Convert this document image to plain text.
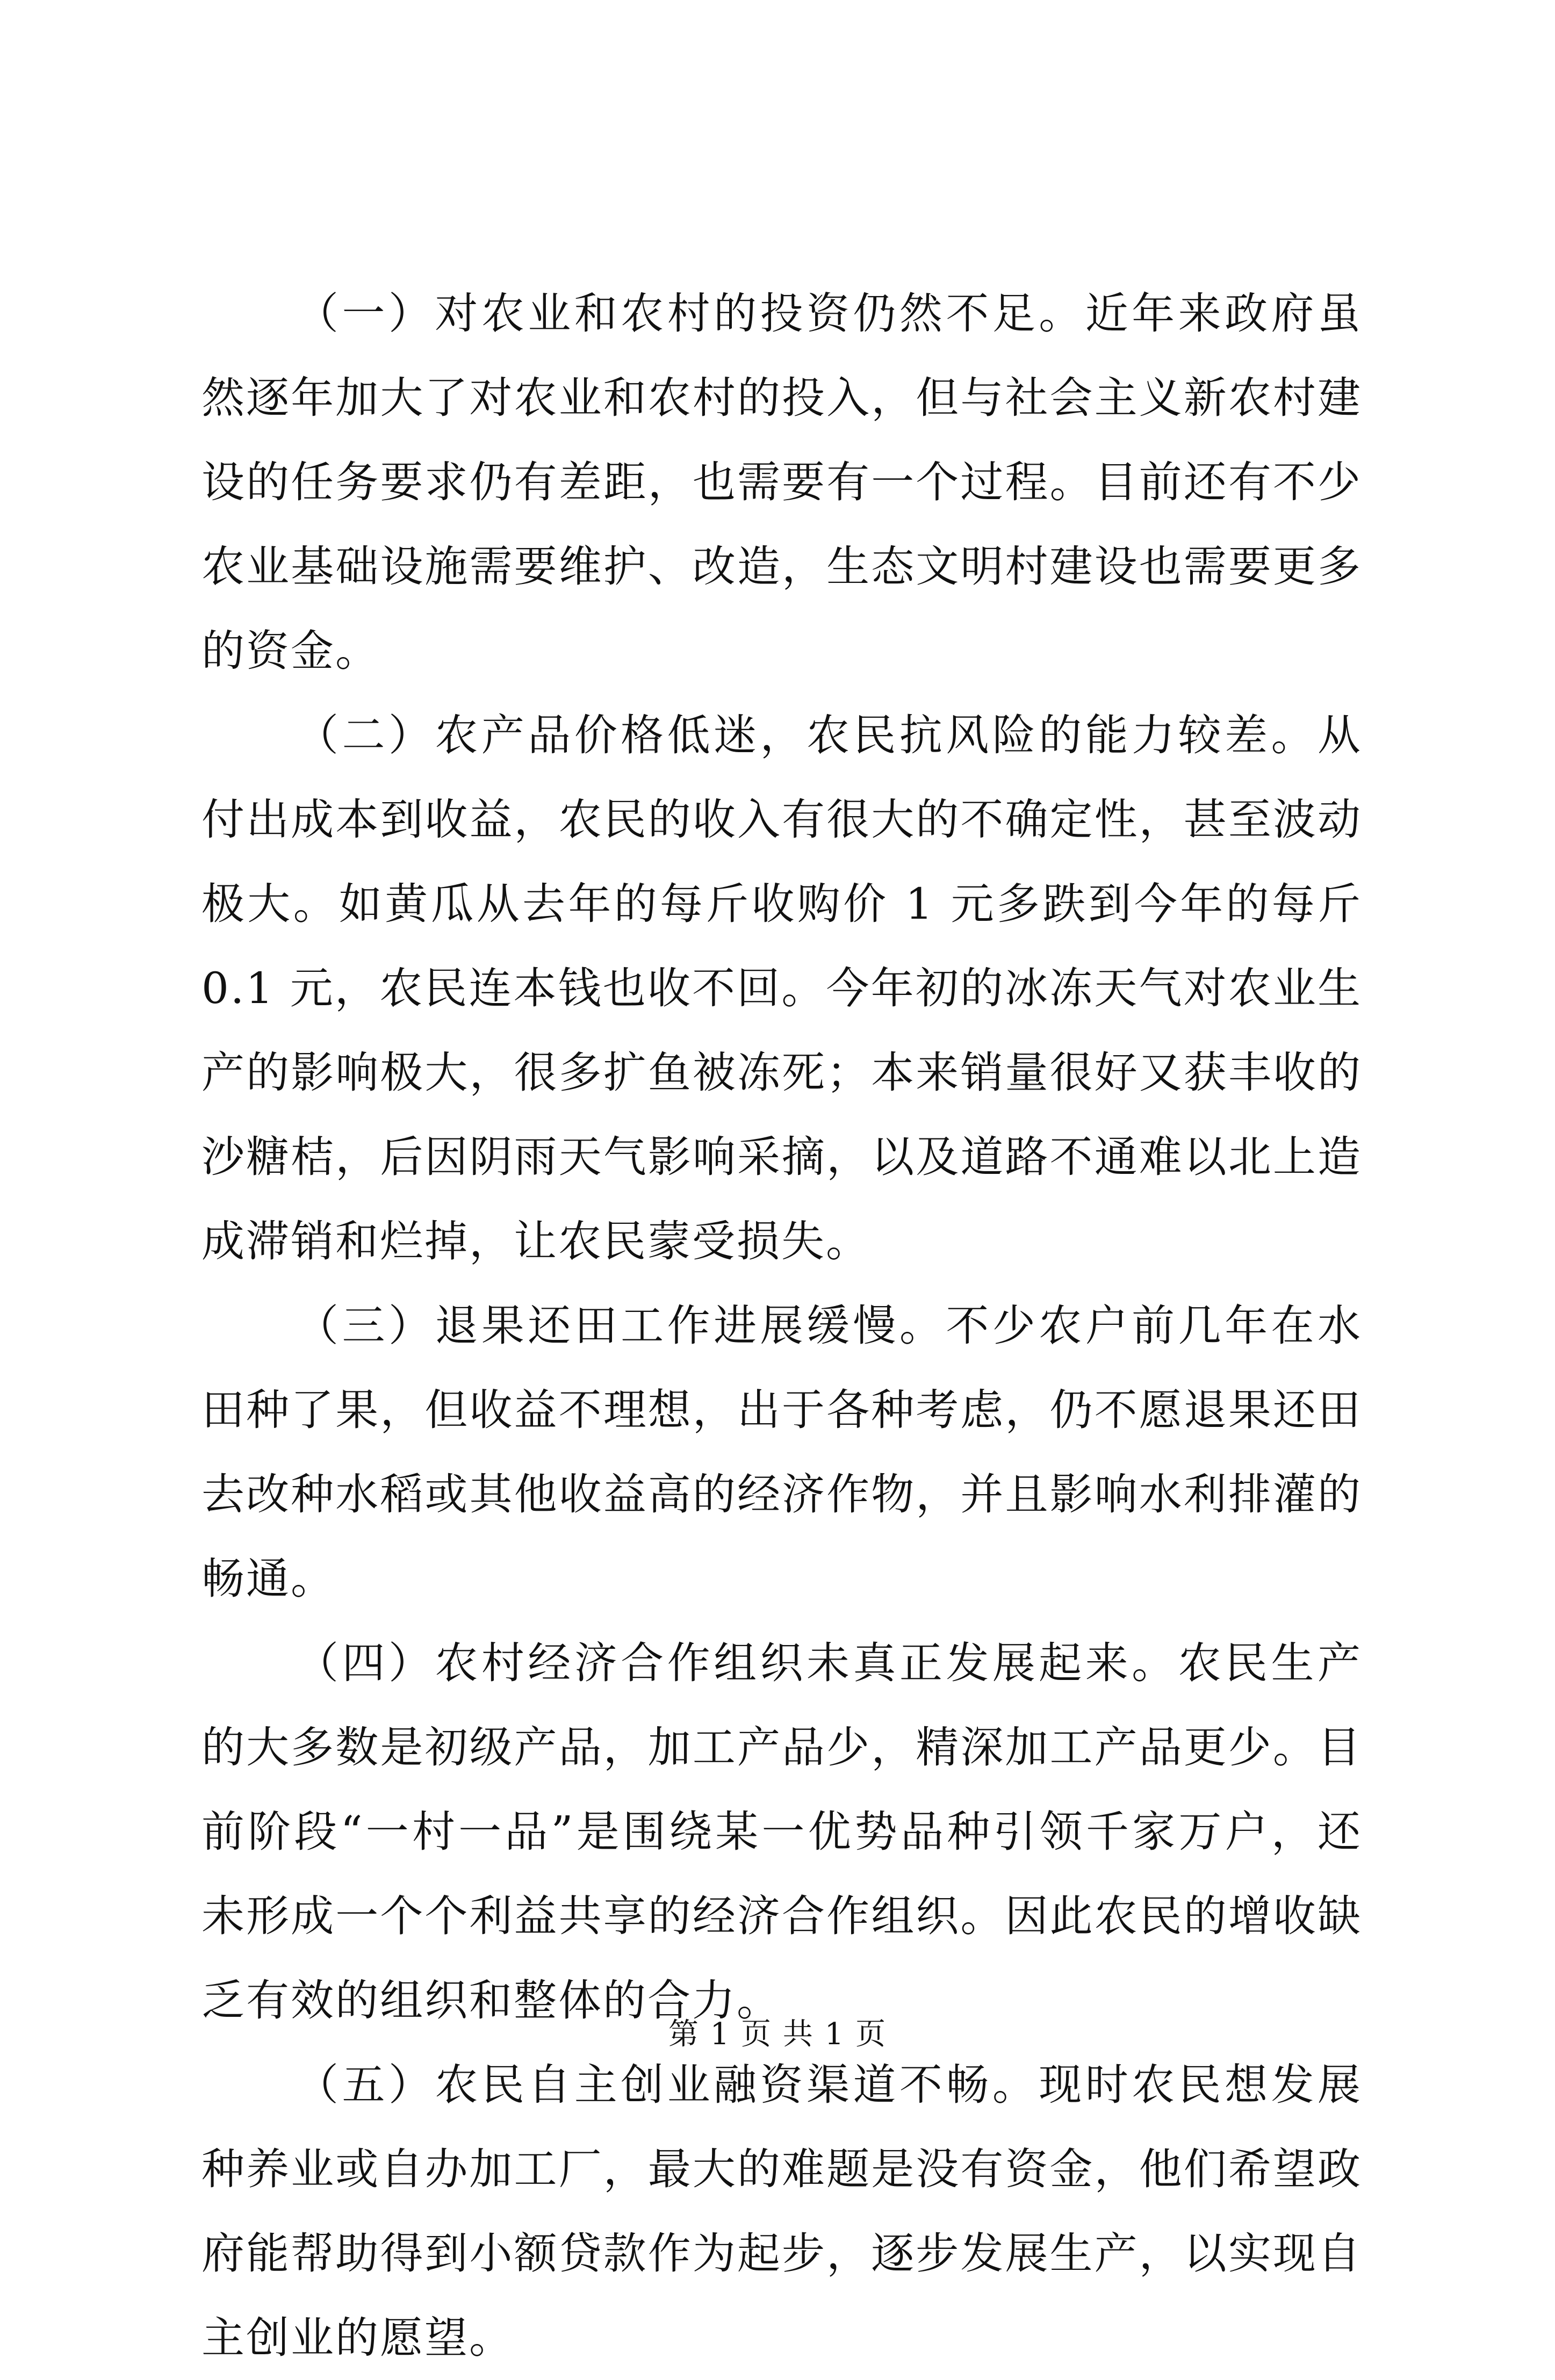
（一）对农业和农村的投资仍然不足。近年来政府虽然逐年加大了对农业和农村的投入，但与社会主义新农村建设的任务要求仍有差距，也需要有一个过程。目前还有不少农业基础设施需要维护、改造，生态文明村建设也需要更多的资金。

（二）农产品价格低迷，农民抗风险的能力较差。从付出成本到收益，农民的收入有很大的不确定性，甚至波动极大。如黄瓜从去年的每斤收购价 1 元多跌到今年的每斤 0.1 元，农民连本钱也收不回。今年初的冰冻天气对农业生产的影响极大，很多扩鱼被冻死；本来销量很好又获丰收的沙糖桔，后因阴雨天气影响采摘，以及道路不通难以北上造成滞销和烂掉，让农民蒙受损失。

（三）退果还田工作进展缓慢。不少农户前几年在水田种了果，但收益不理想，出于各种考虑，仍不愿退果还田去改种水稻或其他收益高的经济作物，并且影响水利排灌的畅通。

（四）农村经济合作组织未真正发展起来。农民生产的大多数是初级产品，加工产品少，精深加工产品更少。目前阶段“一村一品”是围绕某一优势品种引领千家万户，还未形成一个个利益共享的经济合作组织。因此农民的增收缺乏有效的组织和整体的合力。

（五）农民自主创业融资渠道不畅。现时农民想发展种养业或自办加工厂，最大的难题是没有资金，他们希望政府能帮助得到小额贷款作为起步，逐步发展生产，以实现自主创业的愿望。

第 1 页 共 1 页
